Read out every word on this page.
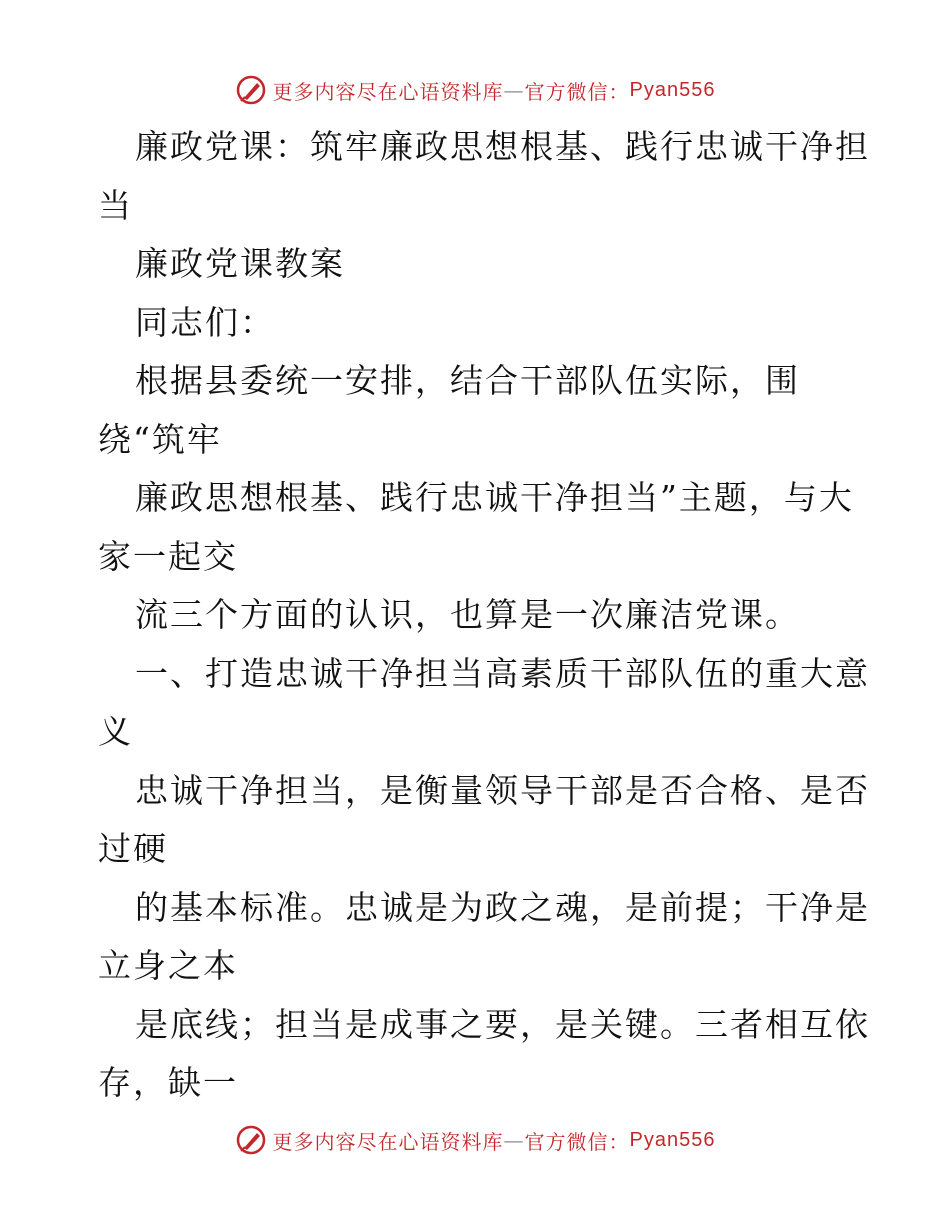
更多内容尽在心语资料库 — 官方微信： Pyan556
廉政党课：筑牢廉政思想根基、践行忠诚干净担
当
廉政党课教案
同志们：
根据县委统一安排，结合干部队伍实际，围
绕“筑牢
廉政思想根基、践行忠诚干净担当”主题，与大
家一起交
流三个方面的认识，也算是一次廉洁党课。
一、打造忠诚干净担当高素质干部队伍的重大意
义
忠诚干净担当，是衡量领导干部是否合格、是否
过硬
的基本标准。忠诚是为政之魂，是前提；干净是
立身之本
是底线；担当是成事之要，是关键。三者相互依
存，缺一
更多内容尽在心语资料库 — 官方微信： Pyan556
